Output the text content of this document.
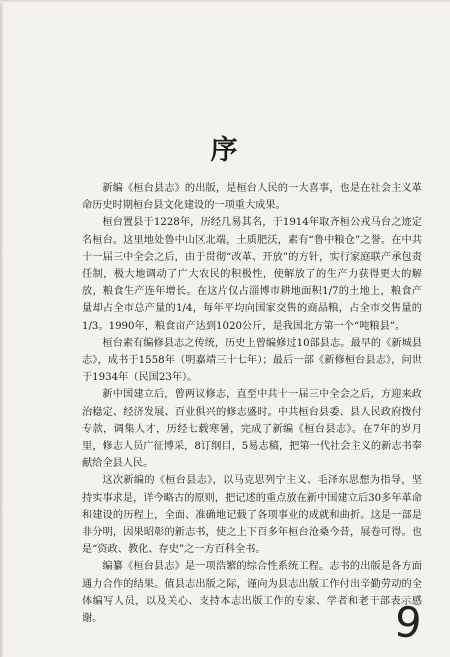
序

新编《桓台县志》的出版，是桓台人民的一大喜事，也是在社会主义革命历史时期桓台县文化建设的一项重大成果。

桓台置县于1228年，历经几易其名，于1914年取齐桓公戎马台之迹定名桓台。这里地处鲁中山区北端，土质肥沃，素有“鲁中粮仓”之誉。在中共十一届三中全会之后，由于贯彻“改革、开放”的方针，实行家庭联产承包责任制，极大地调动了广大农民的积极性，使解放了的生产力获得更大的解放，粮食生产连年增长。在这片仅占淄博市耕地面积1/7的土地上，粮食产量却占全市总产量的1/4，每年平均向国家交售的商品粮，占全市交售量的1/3。1990年，粮食亩产达到1020公斤，是我国北方第一个“吨粮县”。

桓台素有编修县志之传统，历史上曾编修过10部县志。最早的《新城县志》，成书于1558年（明嘉靖三十七年）；最后一部《新修桓台县志》，问世于1934年（民国23年）。

新中国建立后，曾两议修志，直至中共十一届三中全会之后，方迎来政治稳定、经济发展、百业俱兴的修志盛时。中共桓台县委、县人民政府拨付专款，调集人才，历经七载寒暑，完成了新编《桓台县志》。在7年的岁月里，修志人员广征博采，8订纲目，5易志稿，把第一代社会主义的新志书奉献给全县人民。

这次新编的《桓台县志》，以马克思列宁主义、毛泽东思想为指导，坚持实事求是，详今略古的原则，把记述的重点放在新中国建立后30多年革命和建设的历程上，全面、准确地记载了各项事业的成就和曲折。这是一部是非分明，因果昭彰的新志书，使之上下百多年桓台沧桑今昔，展卷可得。也是“资政、教化、存史”之一方百科全书。

编纂《桓台县志》是一项浩繁的综合性系统工程。志书的出版是各方面通力合作的结果。值县志出版之际，谨向为县志出版工作付出辛勤劳动的全体编写人员，以及关心、支持本志出版工作的专家、学者和老干部表示感谢。	9
